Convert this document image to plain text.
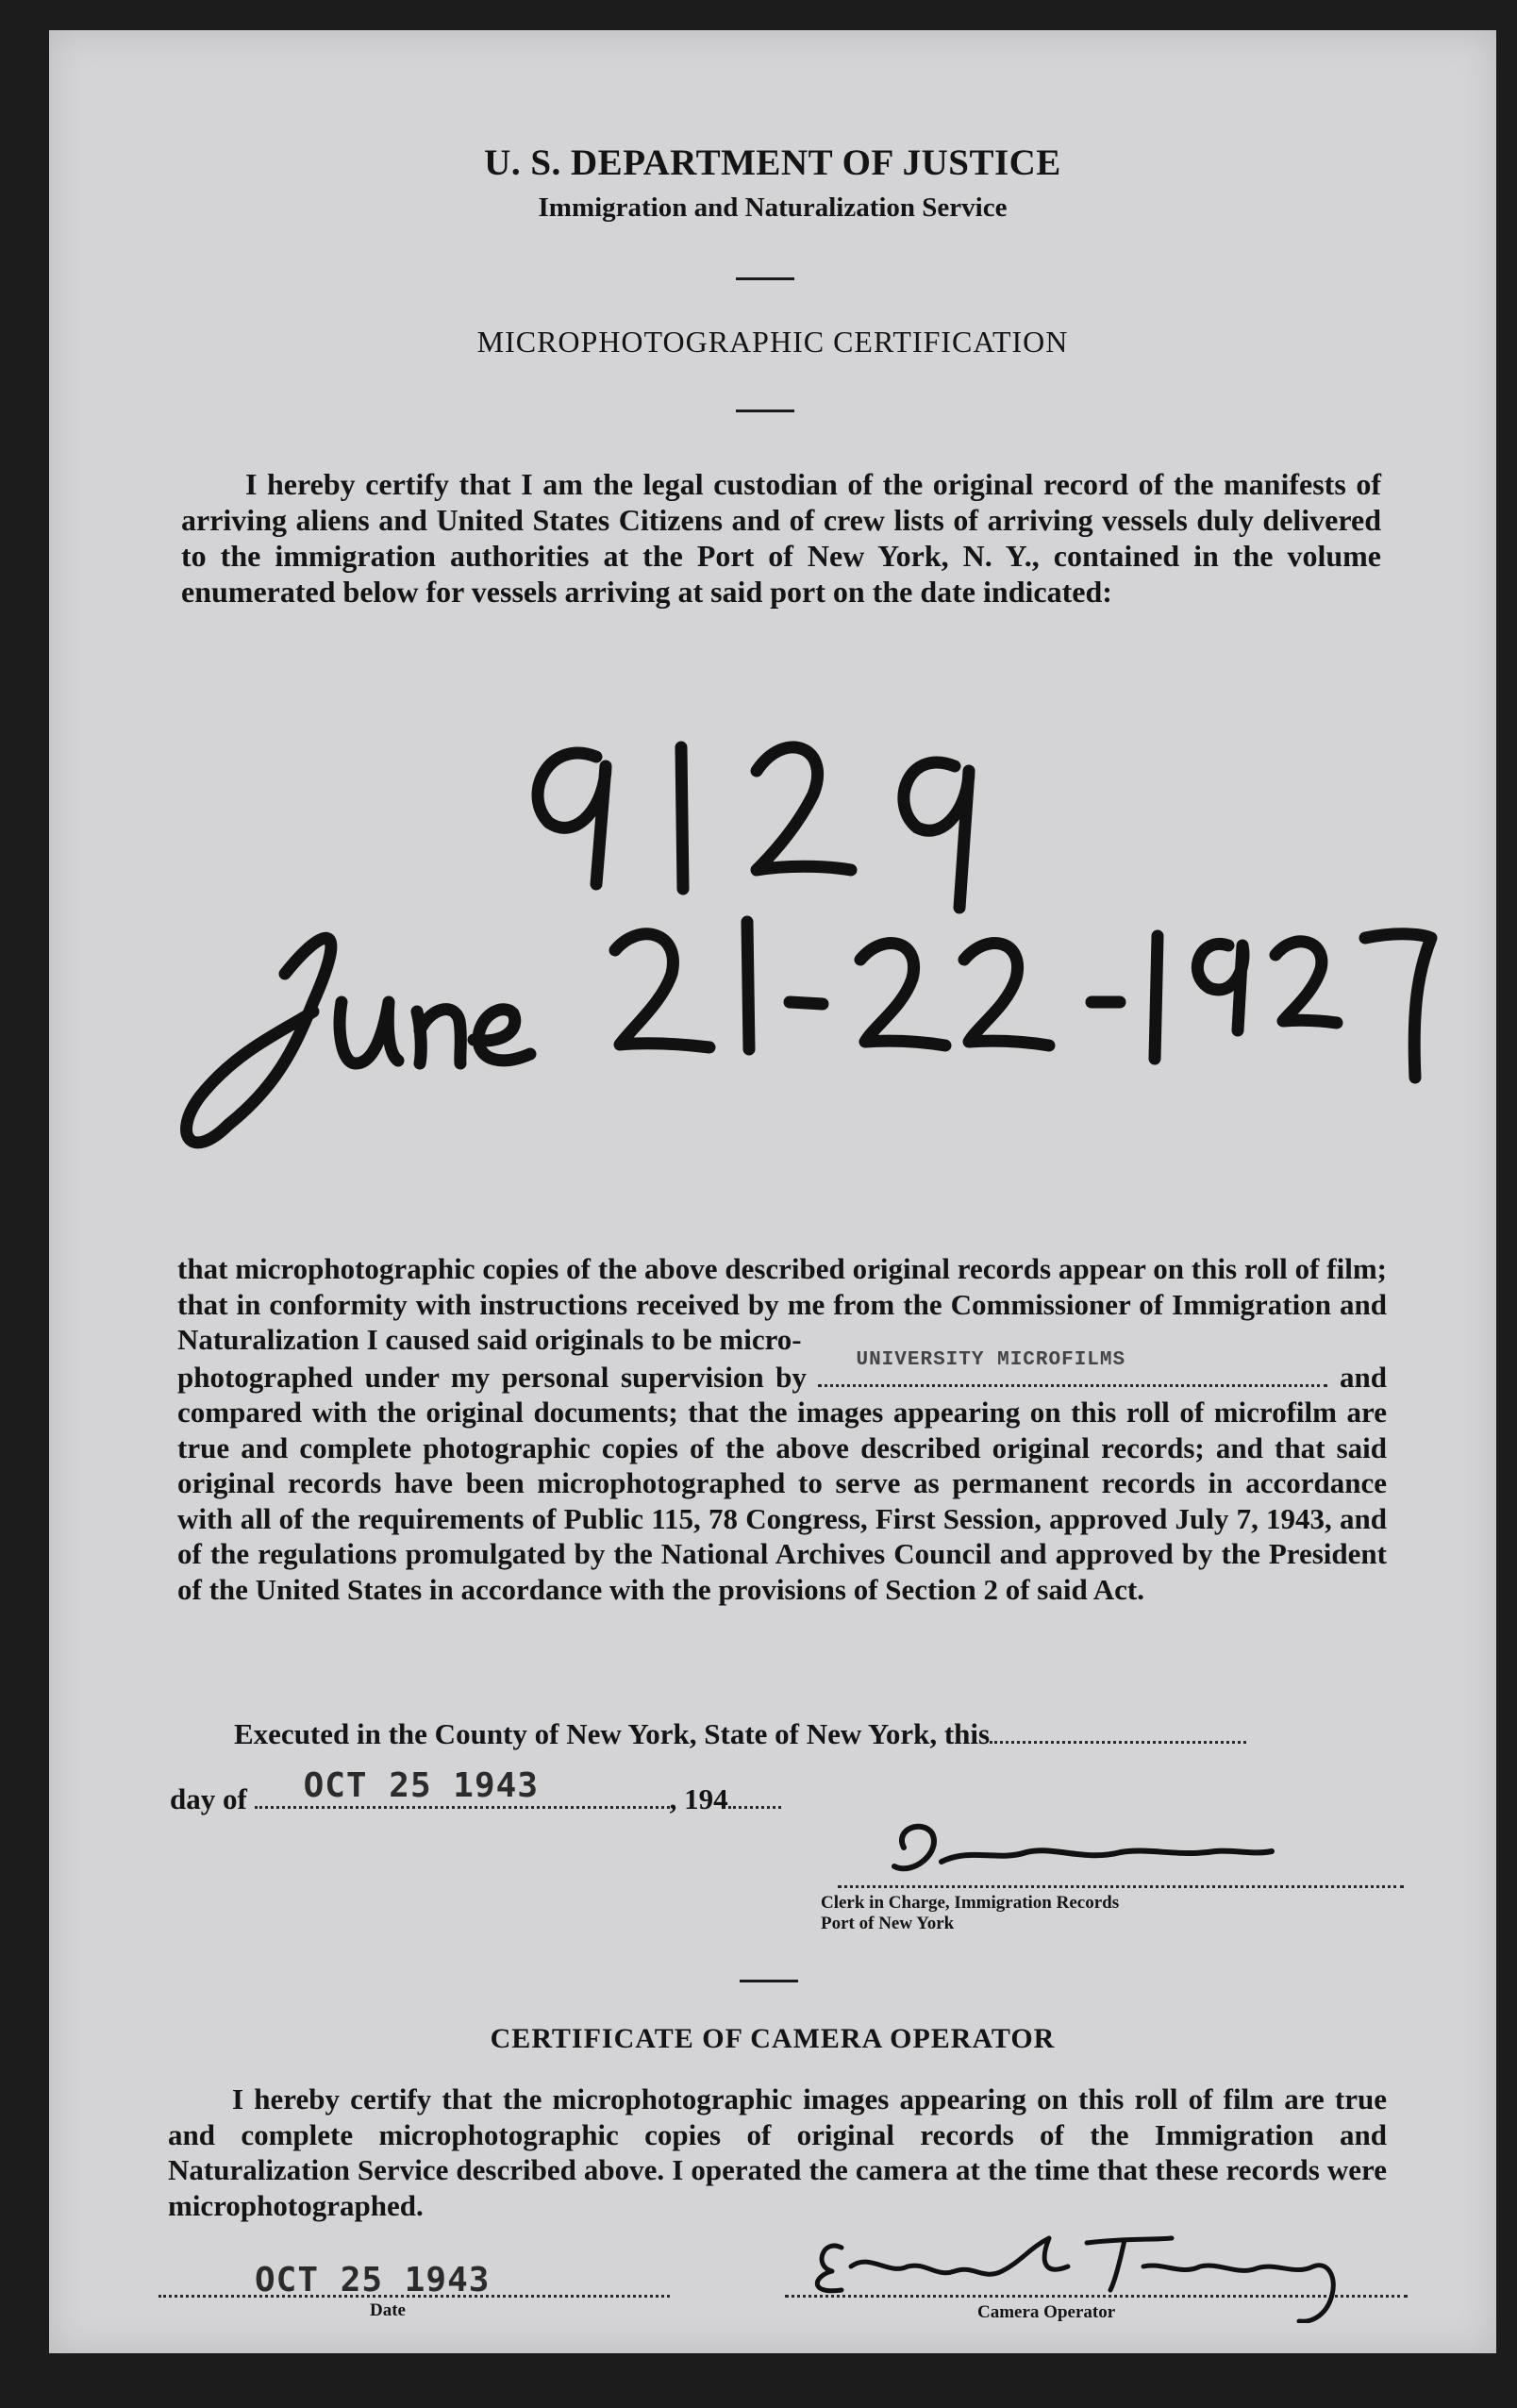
U. S. DEPARTMENT OF JUSTICE
Immigration and Naturalization Service
MICROPHOTOGRAPHIC CERTIFICATION
I hereby certify that I am the legal custodian of the original record of the manifests of arriving aliens and United States Citizens and of crew lists of arriving vessels duly delivered to the immigration authorities at the Port of New York, N. Y., contained in the volume enumerated below for vessels arriving at said port on the date indicated:
that microphotographic copies of the above described original records appear on this roll of film; that in conformity with instructions received by me from the Commissioner of Immigration and Naturalization I caused said originals to be micro-
photographed under my personal supervision by
UNIVERSITY MICROFILMS
and compared with the original documents; that the images appearing on this roll of microfilm are true and complete photographic copies of the above described original records; and that said original records have been microphotographed to serve as permanent records in accordance with all of the requirements of Public 115, 78 Congress, First Session, approved July 7, 1943, and of the regulations promulgated by the National Archives Council and approved by the President of the United States in accordance with the provisions of Section 2 of said Act.
Executed in the County of New York, State of New York, this
day of OCT 25 1943	, 194
Clerk in Charge, Immigration Records
Port of New York
CERTIFICATE OF CAMERA OPERATOR
I hereby certify that the microphotographic images appearing on this roll of film are true and complete microphotographic copies of original records of the Immigration and Naturalization Service described above. I operated the camera at the time that these records were microphotographed.
OCT 25 1943
Date	Camera Operator
